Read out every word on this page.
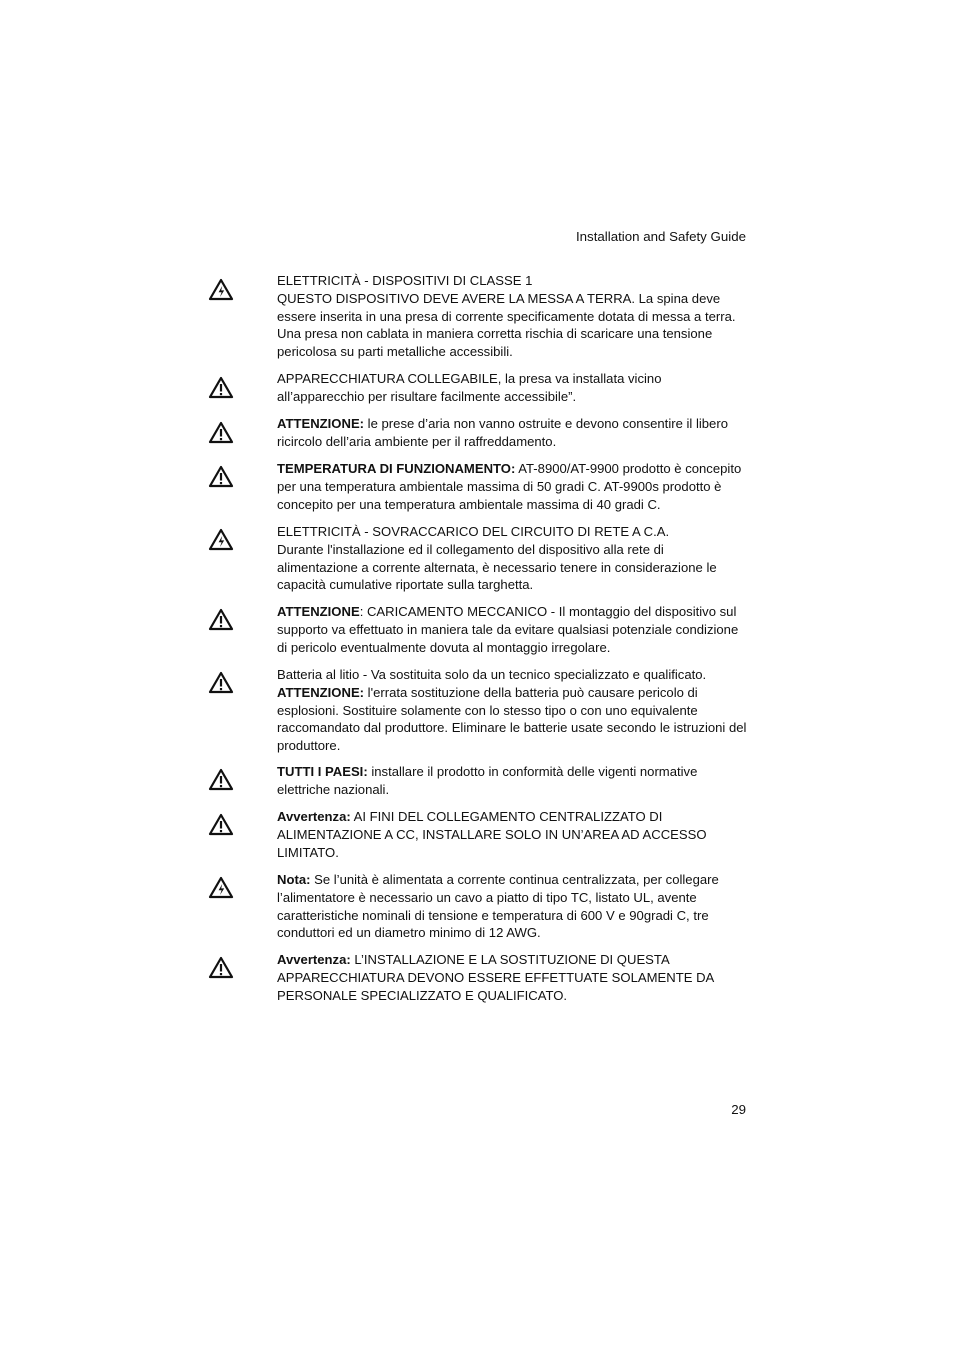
Installation and Safety Guide

ELETTRICITÀ - DISPOSITIVI DI CLASSE 1

QUESTO DISPOSITIVO DEVE AVERE LA MESSA A TERRA. La spina deve essere inserita in una presa di corrente specificamente dotata di messa a terra. Una presa non cablata in maniera corretta rischia di scaricare una tensione pericolosa su parti metalliche accessibili.

APPARECCHIATURA COLLEGABILE, la presa va installata vicino all’apparecchio per risultare facilmente accessibile”.

ATTENZIONE: le prese d’aria non vanno ostruite e devono consentire il libero ricircolo dell’aria ambiente per il raffreddamento.

TEMPERATURA DI FUNZIONAMENTO: AT-8900/AT-9900 prodotto è concepito per una temperatura ambientale massima di 50 gradi C. AT-9900s prodotto è concepito per una temperatura ambientale massima di 40 gradi C.

ELETTRICITÀ - SOVRACCARICO DEL CIRCUITO DI RETE A C.A.

Durante l'installazione ed il collegamento del dispositivo alla rete di alimentazione a corrente alternata, è necessario tenere in considerazione le capacità cumulative riportate sulla targhetta.

ATTENZIONE: CARICAMENTO MECCANICO - Il montaggio del dispositivo sul supporto va effettuato in maniera tale da evitare qualsiasi potenziale condizione di pericolo eventualmente dovuta al montaggio irregolare.

Batteria al litio - Va sostituita solo da un tecnico specializzato e qualificato.

ATTENZIONE: l'errata sostituzione della batteria può causare pericolo di esplosioni. Sostituire solamente con lo stesso tipo o con uno equivalente raccomandato dal produttore. Eliminare le batterie usate secondo le istruzioni del produttore.

TUTTI I PAESI: installare il prodotto in conformità delle vigenti normative elettriche nazionali.

Avvertenza: AI FINI DEL COLLEGAMENTO CENTRALIZZATO DI ALIMENTAZIONE A CC, INSTALLARE SOLO IN UN’AREA AD ACCESSO LIMITATO.

Nota: Se l’unità è alimentata a corrente continua centralizzata, per collegare l’alimentatore è necessario un cavo a piatto di tipo TC, listato UL, avente caratteristiche nominali di tensione e temperatura di 600 V e 90gradi C, tre conduttori ed un diametro minimo di 12 AWG.

Avvertenza: L’INSTALLAZIONE E LA SOSTITUZIONE DI QUESTA APPARECCHIATURA DEVONO ESSERE EFFETTUATE SOLAMENTE DA PERSONALE SPECIALIZZATO E QUALIFICATO.

29
